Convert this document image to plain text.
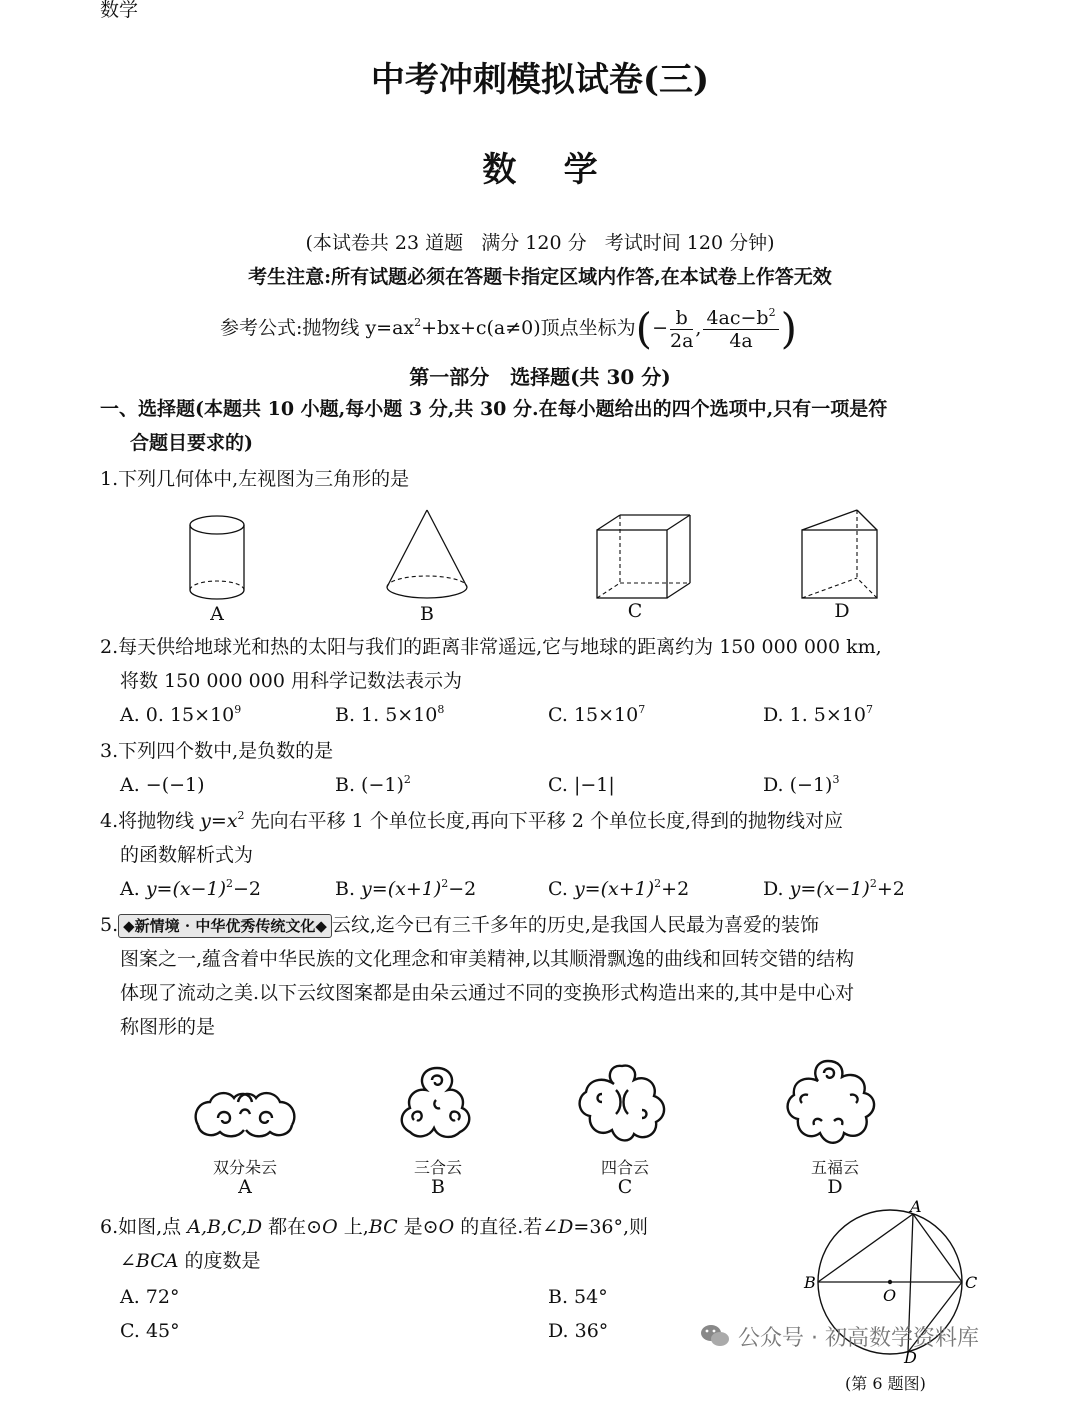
数学
中考冲刺模拟试卷(三)
数    学
(本试卷共 23 道题   满分 120 分   考试时间 120 分钟)
考生注意:所有试题必须在答题卡指定区域内作答,在本试卷上作答无效
参考公式:抛物线 $y=ax^2+bx+c(a\ne 0)$顶点坐标为(− $\frac{b}{2a}$ , $\frac{4ac-b^2}{4a}$ )
第一部分   选择题(共 30 分)
一、选择题(本题共 10 小题,每小题 3 分,共 30 分.在每小题给出的四个选项中,只有一项是符
合题目要求的)
1.下列几何体中,左视图为三角形的是
A	B	C	D
2.每天供给地球光和热的太阳与我们的距离非常遥远,它与地球的距离约为 150 000 000 km,
将数 150 000 000 用科学记数法表示为
A. 0. $15\times 10^9$	B. 1. $5\times 10^8$	C. $15\times 10^7$	D. 1. $5\times 10^7$
3.下列四个数中,是负数的是
A. −(−1)	B. $(-1)^2$	C. |−1|	D. $(-1)^3$
4.将抛物线 $y=x^2$ 先向右平移 1 个单位长度,再向下平移 2 个单位长度,得到的抛物线对应
的函数解析式为
A. $y=(x-1)^2-2$	B. $y=(x+1)^2-2$	C. $y=(x+1)^2+2$	D. $y=(x-1)^2+2$
5. ◆新情境 · 中华优秀传统文化◆ 云纹,迄今已有三千多年的历史,是我国人民最为喜爱的装饰
图案之一,蕴含着中华民族的文化理念和审美精神,以其顺滑飘逸的曲线和回转交错的结构
体现了流动之美.以下云纹图案都是由朵云通过不同的变换形式构造出来的,其中是中心对
称图形的是
双分朵云
A
三合云
B
四合云
C
五福云
D
6.如图,点 A,B,C,D 都在⊙O 上,BC 是⊙O 的直径.若∠D=36°,则
∠BCA 的度数是
A. 72°	B. 54°
C. 45°	D. 36°
A
B
O
C
D
(第 6 题图)
公众号 · 初高数学资料库
